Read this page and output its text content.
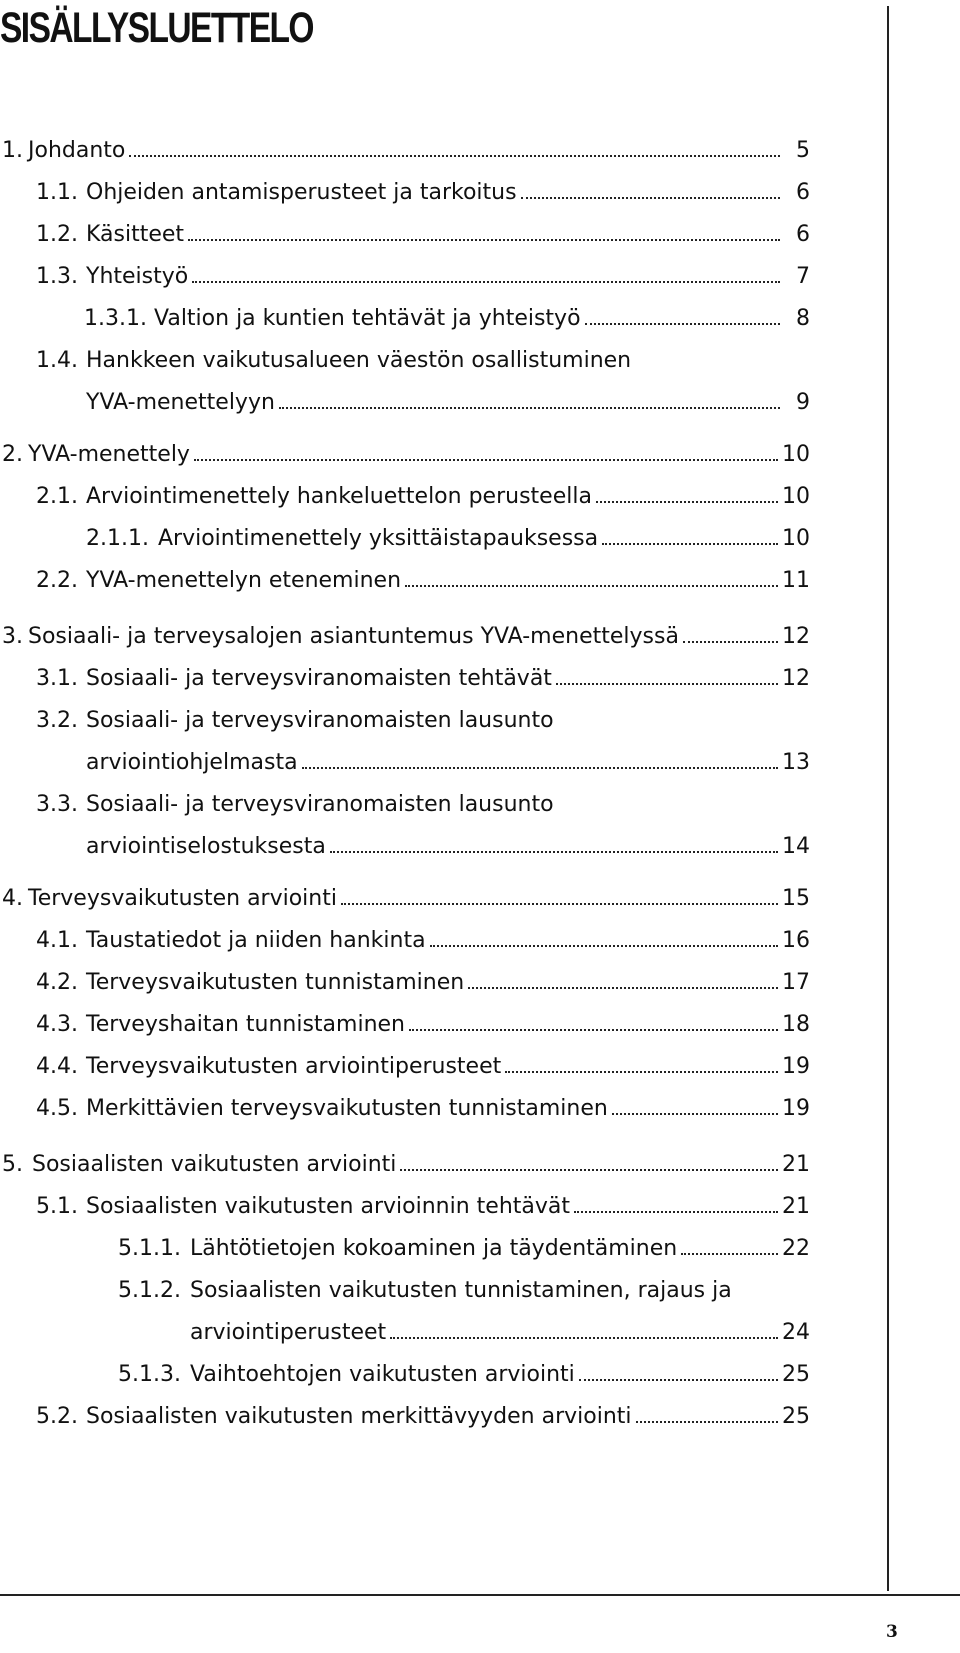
SISÄLLYSLUETTELO
3
1. Johdanto	5
1.1. Ohjeiden antamisperusteet ja tarkoitus	6
1.2. Käsitteet	6
1.3. Yhteistyö	7
1.3.1. Valtion ja kuntien tehtävät ja yhteistyö	8
1.4. Hankkeen vaikutusalueen väestön osallistuminen
YVA-menettelyyn	9
2. YVA-menettely	10
2.1. Arviointimenettely hankeluettelon perusteella	10
2.1.1. Arviointimenettely yksittäistapauksessa	10
2.2. YVA-menettelyn eteneminen	11
3. Sosiaali- ja terveysalojen asiantuntemus YVA-menettelyssä	12
3.1. Sosiaali- ja terveysviranomaisten tehtävät	12
3.2. Sosiaali- ja terveysviranomaisten lausunto
arviointiohjelmasta	13
3.3. Sosiaali- ja terveysviranomaisten lausunto
arviointiselostuksesta	14
4. Terveysvaikutusten arviointi	15
4.1. Taustatiedot ja niiden hankinta	16
4.2. Terveysvaikutusten tunnistaminen	17
4.3. Terveyshaitan tunnistaminen	18
4.4. Terveysvaikutusten arviointiperusteet	19
4.5. Merkittävien terveysvaikutusten tunnistaminen	19
5. Sosiaalisten vaikutusten arviointi	21
5.1. Sosiaalisten vaikutusten arvioinnin tehtävät	21
5.1.1. Lähtötietojen kokoaminen ja täydentäminen	22
5.1.2. Sosiaalisten vaikutusten tunnistaminen, rajaus ja
arviointiperusteet	24
5.1.3. Vaihtoehtojen vaikutusten arviointi	25
5.2. Sosiaalisten vaikutusten merkittävyyden arviointi	25
